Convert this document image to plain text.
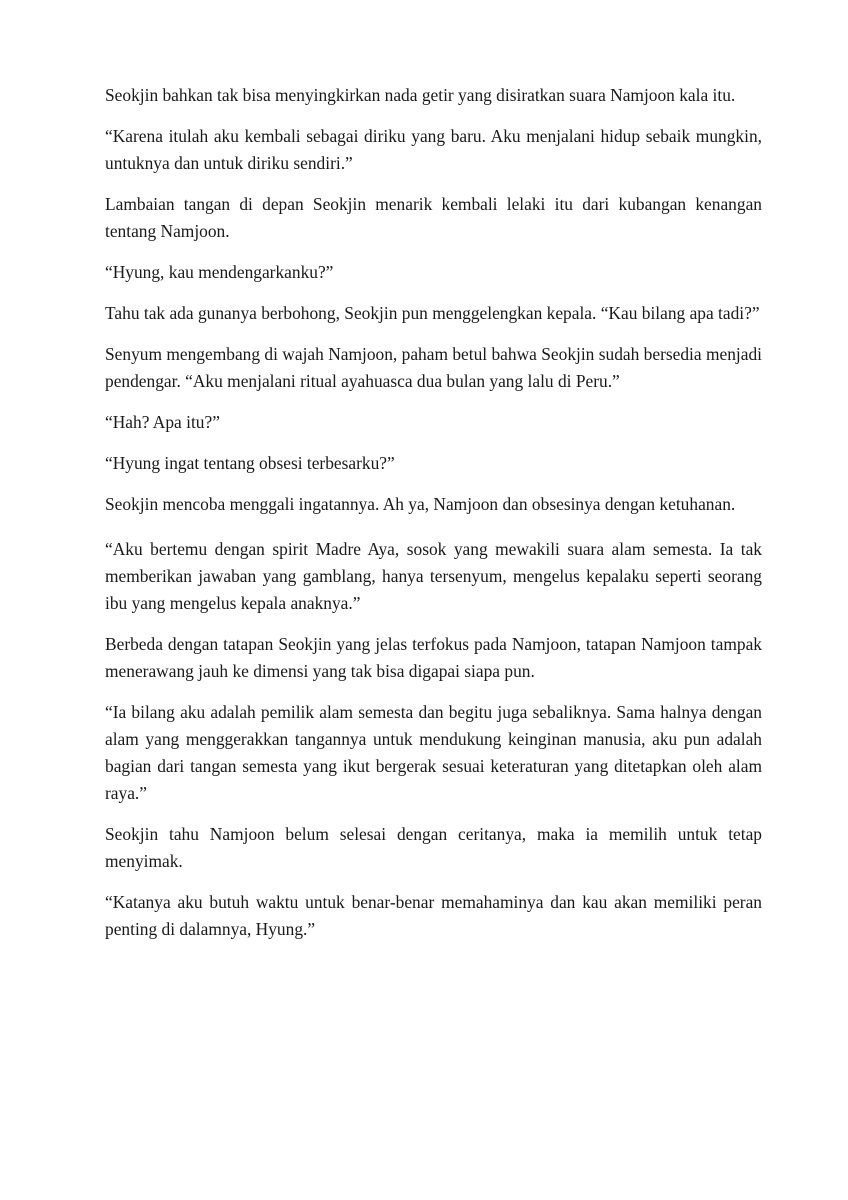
Seokjin bahkan tak bisa menyingkirkan nada getir yang disiratkan suara Namjoon kala itu.

“Karena itulah aku kembali sebagai diriku yang baru. Aku menjalani hidup sebaik mungkin, untuknya dan untuk diriku sendiri.”

Lambaian tangan di depan Seokjin menarik kembali lelaki itu dari kubangan kenangan tentang Namjoon.

“Hyung, kau mendengarkanku?”

Tahu tak ada gunanya berbohong, Seokjin pun menggelengkan kepala. “Kau bilang apa tadi?”

Senyum mengembang di wajah Namjoon, paham betul bahwa Seokjin sudah bersedia menjadi pendengar. “Aku menjalani ritual ayahuasca dua bulan yang lalu di Peru.”

“Hah? Apa itu?”

“Hyung ingat tentang obsesi terbesarku?”

Seokjin mencoba menggali ingatannya. Ah ya, Namjoon dan obsesinya dengan ketuhanan.

“Aku bertemu dengan spirit Madre Aya, sosok yang mewakili suara alam semesta. Ia tak memberikan jawaban yang gamblang, hanya tersenyum, mengelus kepalaku seperti seorang ibu yang mengelus kepala anaknya.”

Berbeda dengan tatapan Seokjin yang jelas terfokus pada Namjoon, tatapan Namjoon tampak menerawang jauh ke dimensi yang tak bisa digapai siapa pun.

“Ia bilang aku adalah pemilik alam semesta dan begitu juga sebaliknya. Sama halnya dengan alam yang menggerakkan tangannya untuk mendukung keinginan manusia, aku pun adalah bagian dari tangan semesta yang ikut bergerak sesuai keteraturan yang ditetapkan oleh alam raya.”

Seokjin tahu Namjoon belum selesai dengan ceritanya, maka ia memilih untuk tetap menyimak.

“Katanya aku butuh waktu untuk benar-benar memahaminya dan kau akan memiliki peran penting di dalamnya, Hyung.”
